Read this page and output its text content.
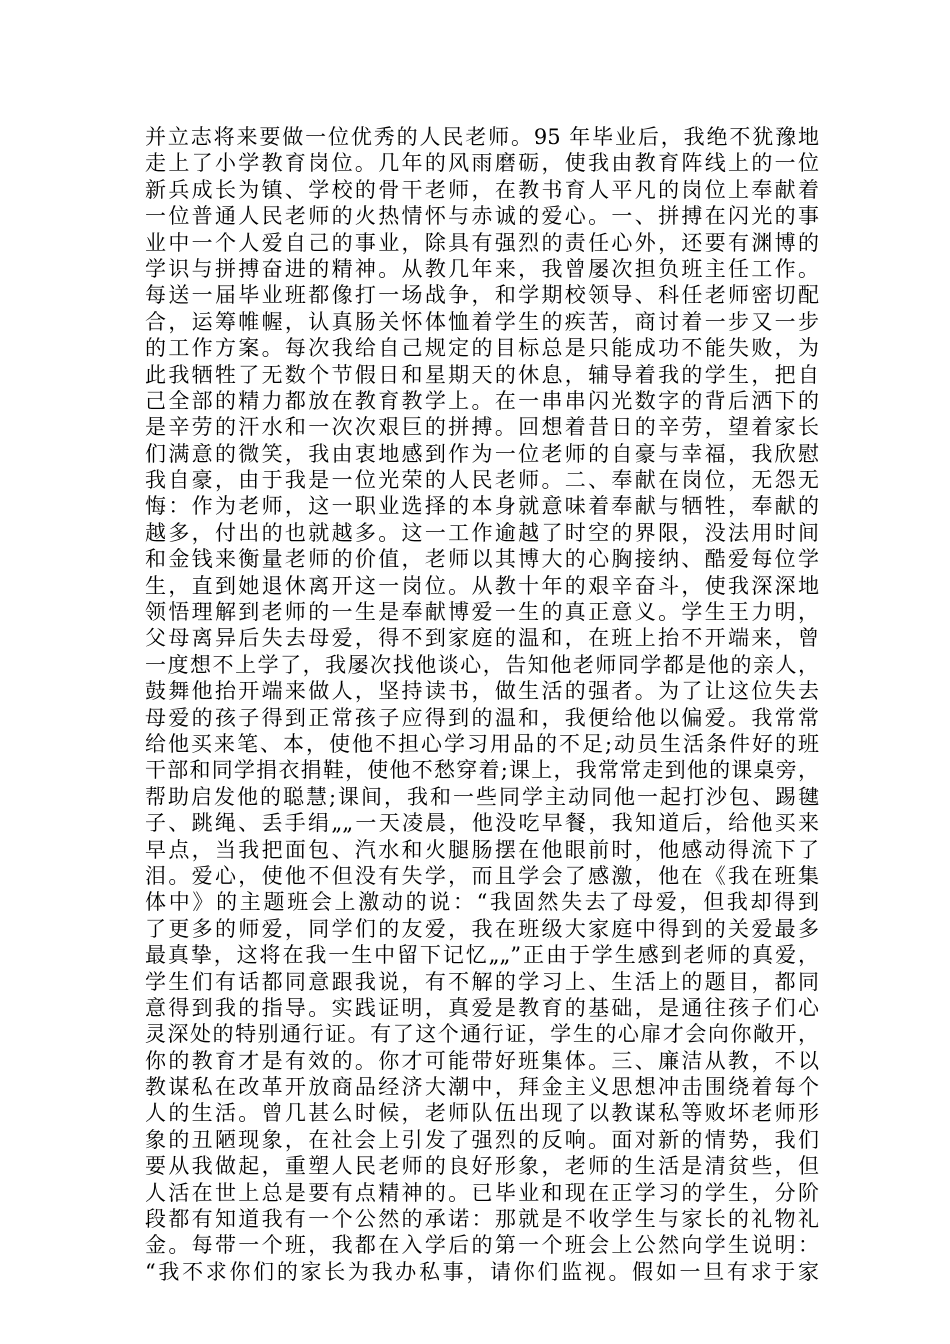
并立志将来要做一位优秀的人民老师。95 年毕业后，我绝不犹豫地
走上了小学教育岗位。几年的风雨磨砺，使我由教育阵线上的一位
新兵成长为镇、学校的骨干老师，在教书育人平凡的岗位上奉献着
一位普通人民老师的火热情怀与赤诚的爱心。一、拼搏在闪光的事
业中一个人爱自己的事业，除具有强烈的责任心外，还要有渊博的
学识与拼搏奋进的精神。从教几年来，我曾屡次担负班主任工作。
每送一届毕业班都像打一场战争，和学期校领导、科任老师密切配
合，运筹帷幄，认真肠关怀体恤着学生的疾苦，商讨着一步又一步
的工作方案。每次我给自己规定的目标总是只能成功不能失败，为
此我牺牲了无数个节假日和星期天的休息，辅导着我的学生，把自
己全部的精力都放在教育教学上。在一串串闪光数字的背后洒下的
是辛劳的汗水和一次次艰巨的拼搏。回想着昔日的辛劳，望着家长
们满意的微笑，我由衷地感到作为一位老师的自豪与幸福，我欣慰
我自豪，由于我是一位光荣的人民老师。二、奉献在岗位，无怨无
悔：作为老师，这一职业选择的本身就意味着奉献与牺牲，奉献的
越多，付出的也就越多。这一工作逾越了时空的界限，没法用时间
和金钱来衡量老师的价值，老师以其博大的心胸接纳、酷爱每位学
生，直到她退休离开这一岗位。从教十年的艰辛奋斗，使我深深地
领悟理解到老师的一生是奉献博爱一生的真正意义。学生王力明，
父母离异后失去母爱，得不到家庭的温和，在班上抬不开端来，曾
一度想不上学了，我屡次找他谈心，告知他老师同学都是他的亲人，
鼓舞他抬开端来做人，坚持读书，做生活的强者。为了让这位失去
母爱的孩子得到正常孩子应得到的温和，我便给他以偏爱。我常常
给他买来笔、本，使他不担心学习用品的不足;动员生活条件好的班
干部和同学捐衣捐鞋，使他不愁穿着;课上，我常常走到他的课桌旁，
帮助启发他的聪慧;课间，我和一些同学主动同他一起打沙包、踢毽
子、跳绳、丢手绢„„一天凌晨，他没吃早餐，我知道后，给他买来
早点，当我把面包、汽水和火腿肠摆在他眼前时，他感动得流下了
泪。爱心，使他不但没有失学，而且学会了感激，他在《我在班集
体中》的主题班会上激动的说：“我固然失去了母爱，但我却得到
了更多的师爱，同学们的友爱，我在班级大家庭中得到的关爱最多
最真挚，这将在我一生中留下记忆„„”正由于学生感到老师的真爱，
学生们有话都同意跟我说，有不解的学习上、生活上的题目，都同
意得到我的指导。实践证明，真爱是教育的基础，是通往孩子们心
灵深处的特别通行证。有了这个通行证，学生的心扉才会向你敞开，
你的教育才是有效的。你才可能带好班集体。三、廉洁从教，不以
教谋私在改革开放商品经济大潮中，拜金主义思想冲击围绕着每个
人的生活。曾几甚么时候，老师队伍出现了以教谋私等败坏老师形
象的丑陋现象，在社会上引发了强烈的反响。面对新的情势，我们
要从我做起，重塑人民老师的良好形象，老师的生活是清贫些，但
人活在世上总是要有点精神的。已毕业和现在正学习的学生，分阶
段都有知道我有一个公然的承诺：那就是不收学生与家长的礼物礼
金。每带一个班，我都在入学后的第一个班会上公然向学生说明：
“我不求你们的家长为我办私事，请你们监视。假如一旦有求于家
